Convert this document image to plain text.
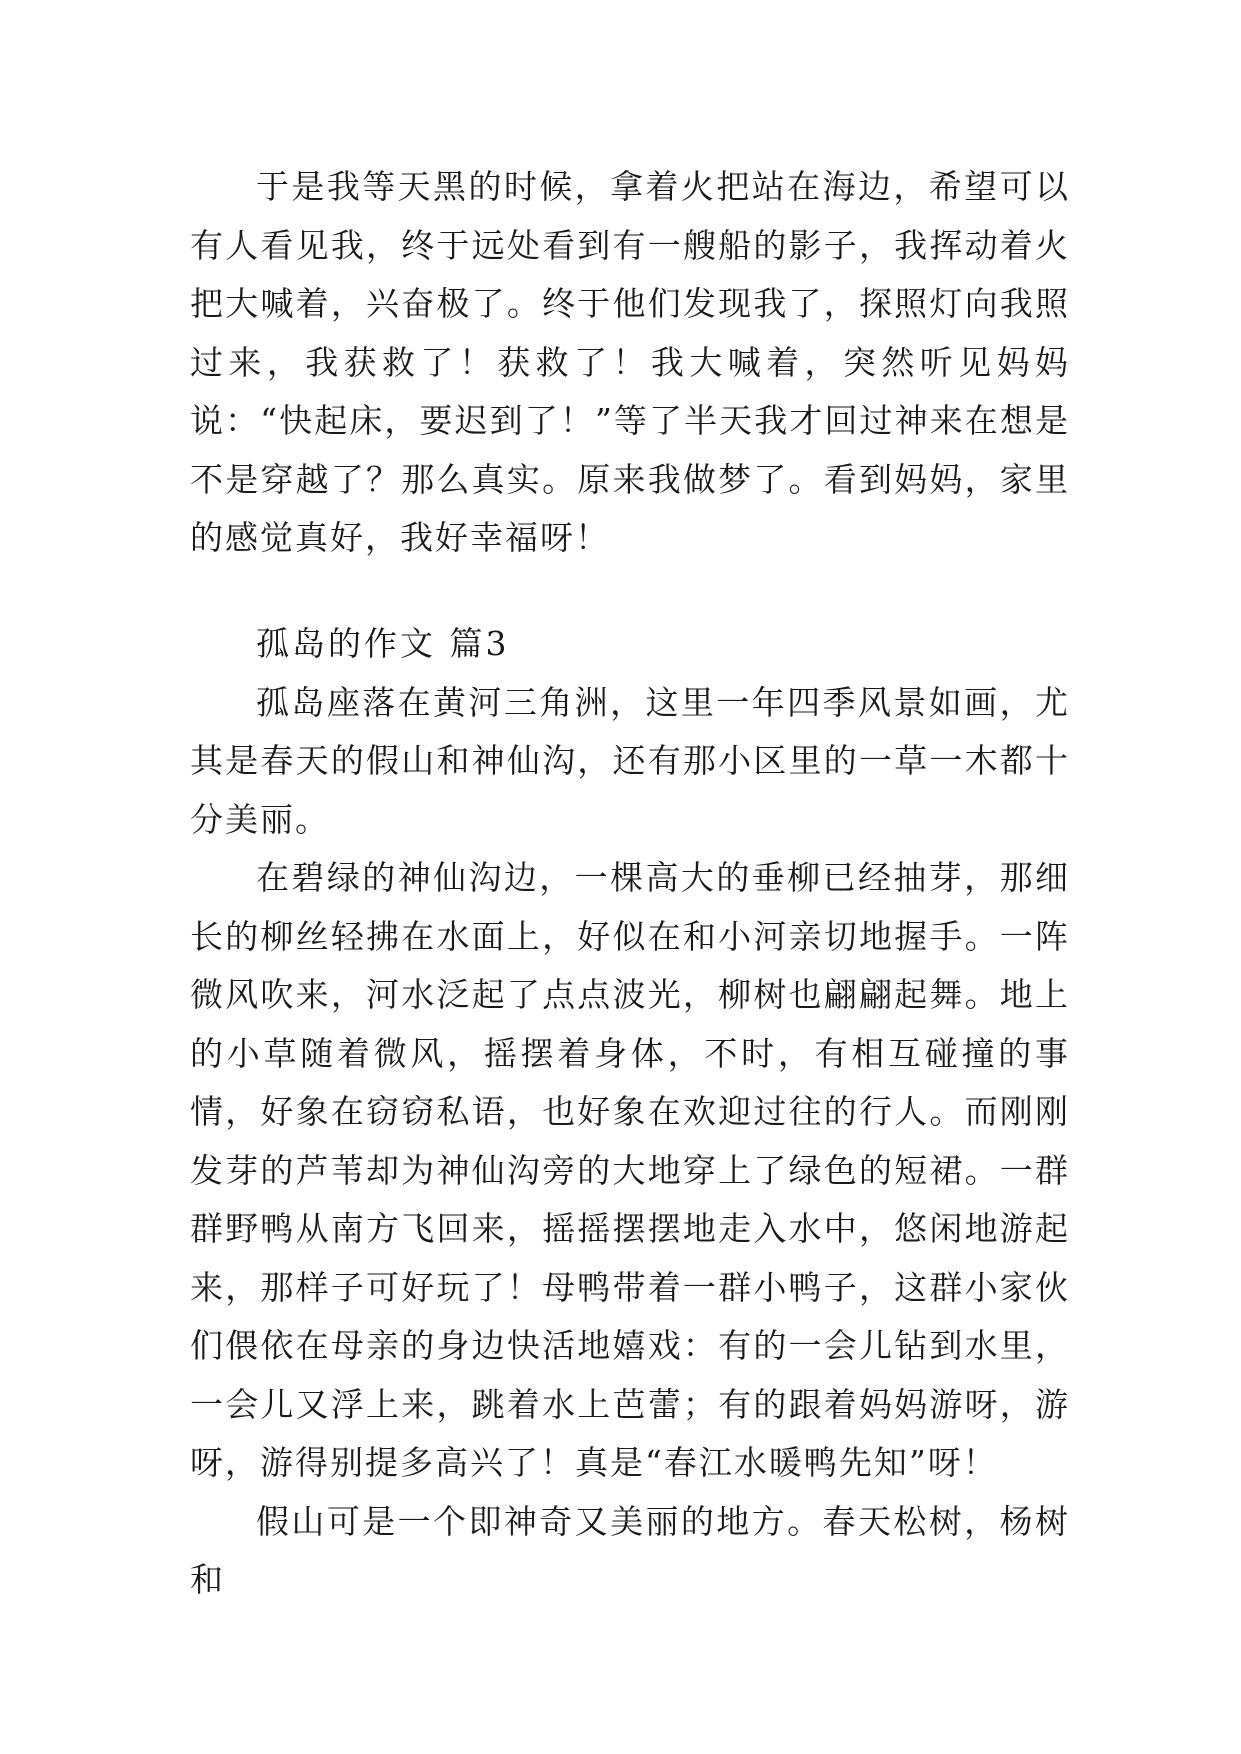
于是我等天黑的时候，拿着火把站在海边，希望可以有人看见我，终于远处看到有一艘船的影子，我挥动着火把大喊着，兴奋极了。终于他们发现我了，探照灯向我照过来，我获救了！获救了！我大喊着，突然听见妈妈说：“快起床，要迟到了！”等了半天我才回过神来在想是不是穿越了？那么真实。原来我做梦了。看到妈妈，家里的感觉真好，我好幸福呀！

孤岛的作文 篇3

孤岛座落在黄河三角洲，这里一年四季风景如画，尤其是春天的假山和神仙沟，还有那小区里的一草一木都十分美丽。

在碧绿的神仙沟边，一棵高大的垂柳已经抽芽，那细长的柳丝轻拂在水面上，好似在和小河亲切地握手。一阵微风吹来，河水泛起了点点波光，柳树也翩翩起舞。地上的小草随着微风，摇摆着身体，不时，有相互碰撞的事情，好象在窃窃私语，也好象在欢迎过往的行人。而刚刚发芽的芦苇却为神仙沟旁的大地穿上了绿色的短裙。一群群野鸭从南方飞回来，摇摇摆摆地走入水中，悠闲地游起来，那样子可好玩了！母鸭带着一群小鸭子，这群小家伙们偎依在母亲的身边快活地嬉戏：有的一会儿钻到水里，一会儿又浮上来，跳着水上芭蕾；有的跟着妈妈游呀，游呀，游得别提多高兴了！真是“春江水暖鸭先知”呀！

假山可是一个即神奇又美丽的地方。春天松树，杨树和
